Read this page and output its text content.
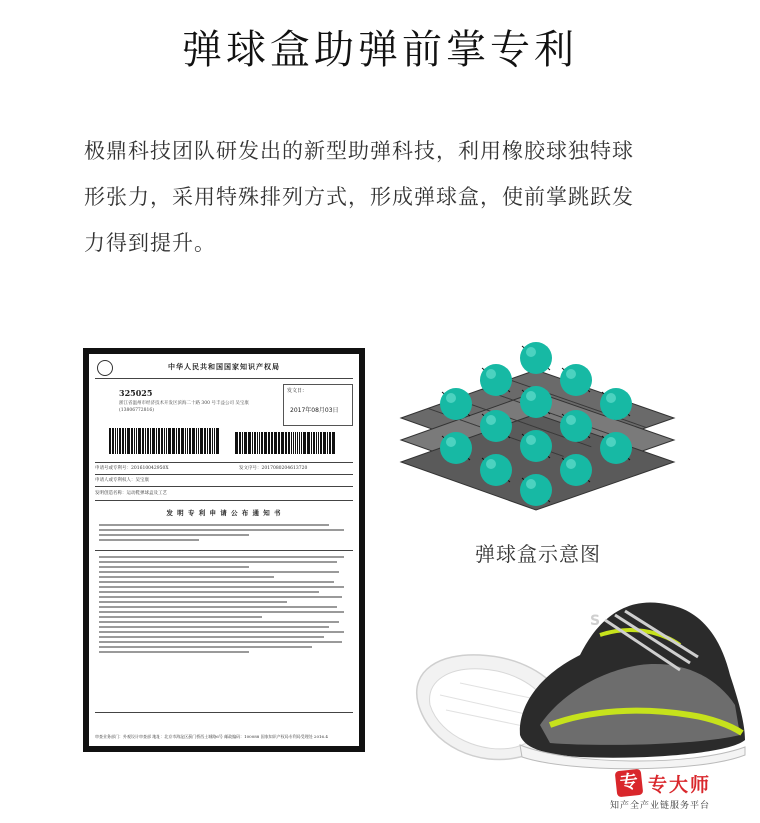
弹球盒助弹前掌专利

极鼎科技团队研发出的新型助弹科技，利用橡胶球独特球

形张力，采用特殊排列方式，形成弹球盒，使前掌跳跃发

力得到提升。

中华人民共和国国家知识产权局
325025
浙江省温州市经济技术开发区滨海二十路 300 号丰益公司 吴宝康(13806772816)
发文日：
2017年08月03日
申请号或专利号：201610042950X	发文序号：2017080204613720
申请人或专利权人：吴宝康
发明创造名称：运动鞋弹球盒及工艺
发 明 专 利 申 请 公 布 通 知 书
审查业务部门：外观设计审查部 地址：北京市海淀区蓟门桥西土城路6号 邮政编码：100088 国家知识产权局专利局受理处 2016.4
弹球盒示意图
S
专 专大师
知产全产业链服务平台
